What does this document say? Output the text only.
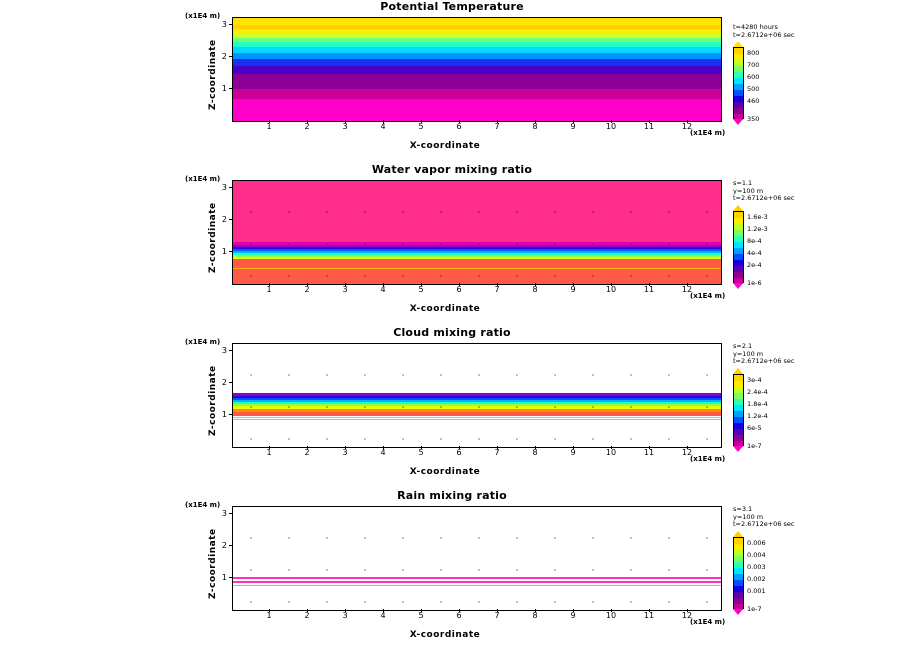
Potential Temperature
(x1E4 m)
Z-coordinate
X-coordinate
(x1E4 m)
1	2	3	4	5	6	7	8	9	10	11	12
1
2
3	t=4280 hours
t=2.6712e+06 sec
800
700
600
500
460
350
Water vapor mixing ratio
(x1E4 m)
Z-coordinate
X-coordinate
(x1E4 m)
1	2	3	4	5	6	7	8	9	10	11	12
1
2
3	s=1.1
y=100 m
t=2.6712e+06 sec
1.6e-3
1.2e-3
8e-4
4e-4
2e-4
1e-6
Cloud mixing ratio
(x1E4 m)
Z-coordinate
X-coordinate
(x1E4 m)
1	2	3	4	5	6	7	8	9	10	11	12
1
2
3	s=2.1
y=100 m
t=2.6712e+06 sec
3e-4
2.4e-4
1.8e-4
1.2e-4
6e-5
1e-7
Rain mixing ratio
(x1E4 m)
Z-coordinate
X-coordinate
(x1E4 m)
1	2	3	4	5	6	7	8	9	10	11	12
1
2
3	s=3.1
y=100 m
t=2.6712e+06 sec
0.006
0.004
0.003
0.002
0.001
1e-7
